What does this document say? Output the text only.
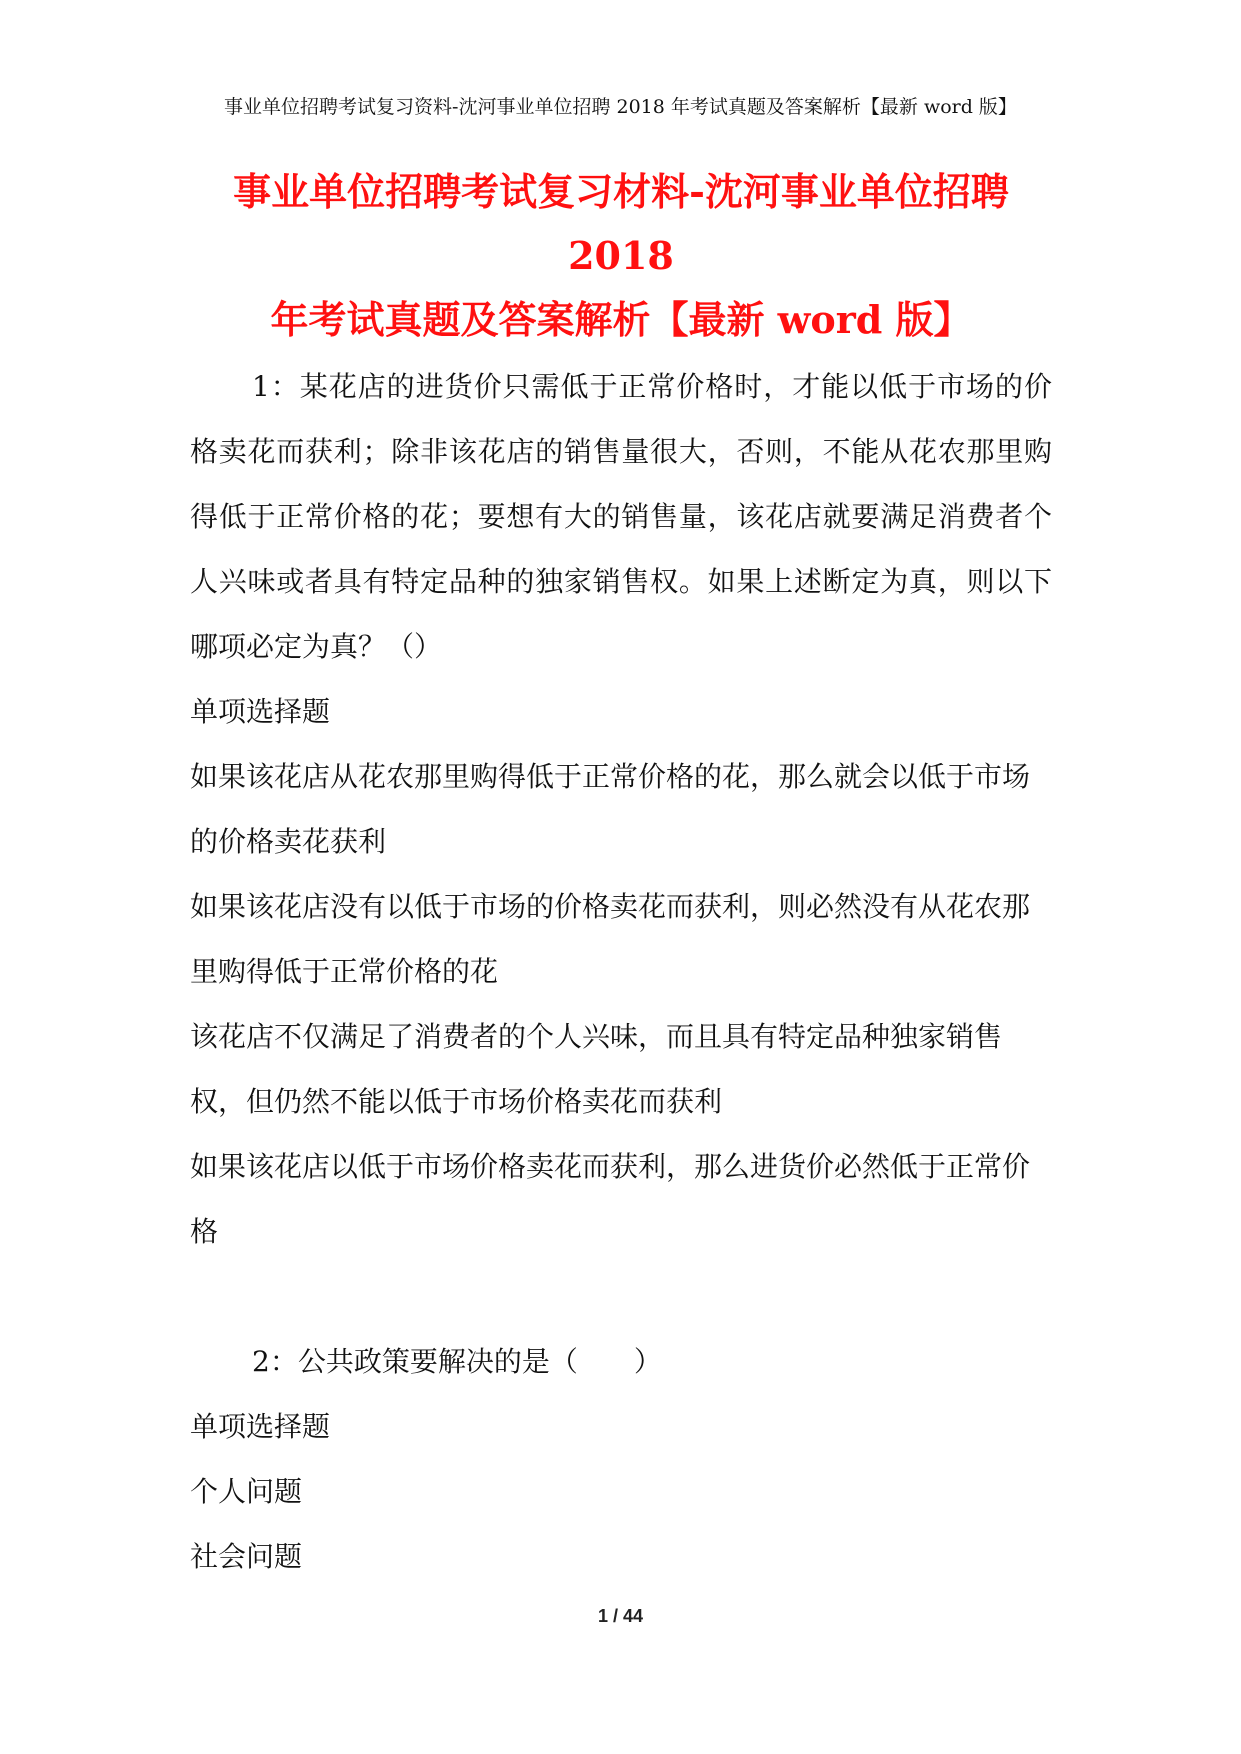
事业单位招聘考试复习资料-沈河事业单位招聘 2018 年考试真题及答案解析【最新 word 版】
事业单位招聘考试复习材料-沈河事业单位招聘 2018
年考试真题及答案解析【最新 word 版】

1：某花店的进货价只需低于正常价格时，才能以低于市场的价格卖花而获利；除非该花店的销售量很大，否则，不能从花农那里购得低于正常价格的花；要想有大的销售量，该花店就要满足消费者个人兴味或者具有特定品种的独家销售权。如果上述断定为真，则以下哪项必定为真？（）

单项选择题

如果该花店从花农那里购得低于正常价格的花，那么就会以低于市场的价格卖花获利

如果该花店没有以低于市场的价格卖花而获利，则必然没有从花农那里购得低于正常价格的花

该花店不仅满足了消费者的个人兴味，而且具有特定品种独家销售权，但仍然不能以低于市场价格卖花而获利

如果该花店以低于市场价格卖花而获利，那么进货价必然低于正常价格

2：公共政策要解决的是（　　）

单项选择题

个人问题

社会问题

1 / 44
